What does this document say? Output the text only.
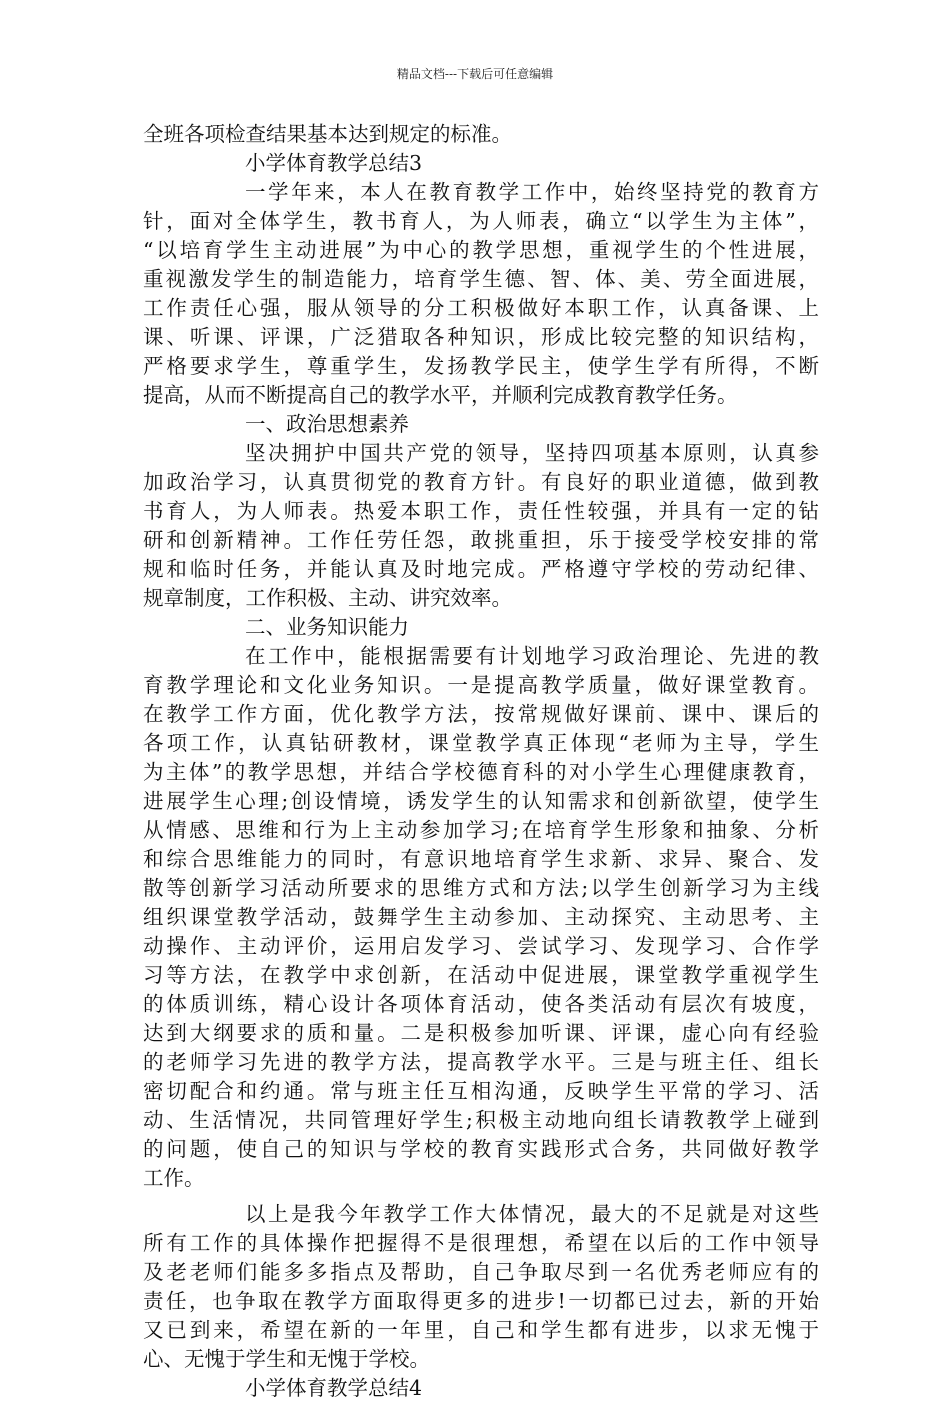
精品文档---下载后可任意编辑
全班各项检查结果基本达到规定的标准。
小学体育教学总结3
一学年来，本人在教育教学工作中，始终坚持党的教育方
针，面对全体学生，教书育人，为人师表，确立“以学生为主体”，
“以培育学生主动进展”为中心的教学思想，重视学生的个性进展，
重视激发学生的制造能力，培育学生德、智、体、美、劳全面进展，
工作责任心强，服从领导的分工积极做好本职工作，认真备课、上
课、听课、评课，广泛猎取各种知识，形成比较完整的知识结构，
严格要求学生，尊重学生，发扬教学民主，使学生学有所得，不断
提高，从而不断提高自己的教学水平，并顺利完成教育教学任务。
一、政治思想素养
坚决拥护中国共产党的领导，坚持四项基本原则，认真参
加政治学习，认真贯彻党的教育方针。有良好的职业道德，做到教
书育人，为人师表。热爱本职工作，责任性较强，并具有一定的钻
研和创新精神。工作任劳任怨，敢挑重担，乐于接受学校安排的常
规和临时任务，并能认真及时地完成。严格遵守学校的劳动纪律、
规章制度，工作积极、主动、讲究效率。
二、业务知识能力
在工作中，能根据需要有计划地学习政治理论、先进的教
育教学理论和文化业务知识。一是提高教学质量，做好课堂教育。
在教学工作方面，优化教学方法，按常规做好课前、课中、课后的
各项工作，认真钻研教材，课堂教学真正体现“老师为主导，学生
为主体”的教学思想，并结合学校德育科的对小学生心理健康教育，
进展学生心理;创设情境，诱发学生的认知需求和创新欲望，使学生
从情感、思维和行为上主动参加学习;在培育学生形象和抽象、分析
和综合思维能力的同时，有意识地培育学生求新、求异、聚合、发
散等创新学习活动所要求的思维方式和方法;以学生创新学习为主线
组织课堂教学活动，鼓舞学生主动参加、主动探究、主动思考、主
动操作、主动评价，运用启发学习、尝试学习、发现学习、合作学
习等方法，在教学中求创新，在活动中促进展，课堂教学重视学生
的体质训练，精心设计各项体育活动，使各类活动有层次有坡度，
达到大纲要求的质和量。二是积极参加听课、评课，虚心向有经验
的老师学习先进的教学方法，提高教学水平。三是与班主任、组长
密切配合和约通。常与班主任互相沟通，反映学生平常的学习、活
动、生活情况，共同管理好学生;积极主动地向组长请教教学上碰到
的问题，使自己的知识与学校的教育实践形式合务，共同做好教学
工作。
以上是我今年教学工作大体情况，最大的不足就是对这些
所有工作的具体操作把握得不是很理想，希望在以后的工作中领导
及老老师们能多多指点及帮助，自己争取尽到一名优秀老师应有的
责任，也争取在教学方面取得更多的进步!一切都已过去，新的开始
又已到来，希望在新的一年里，自己和学生都有进步，以求无愧于
心、无愧于学生和无愧于学校。
小学体育教学总结4
